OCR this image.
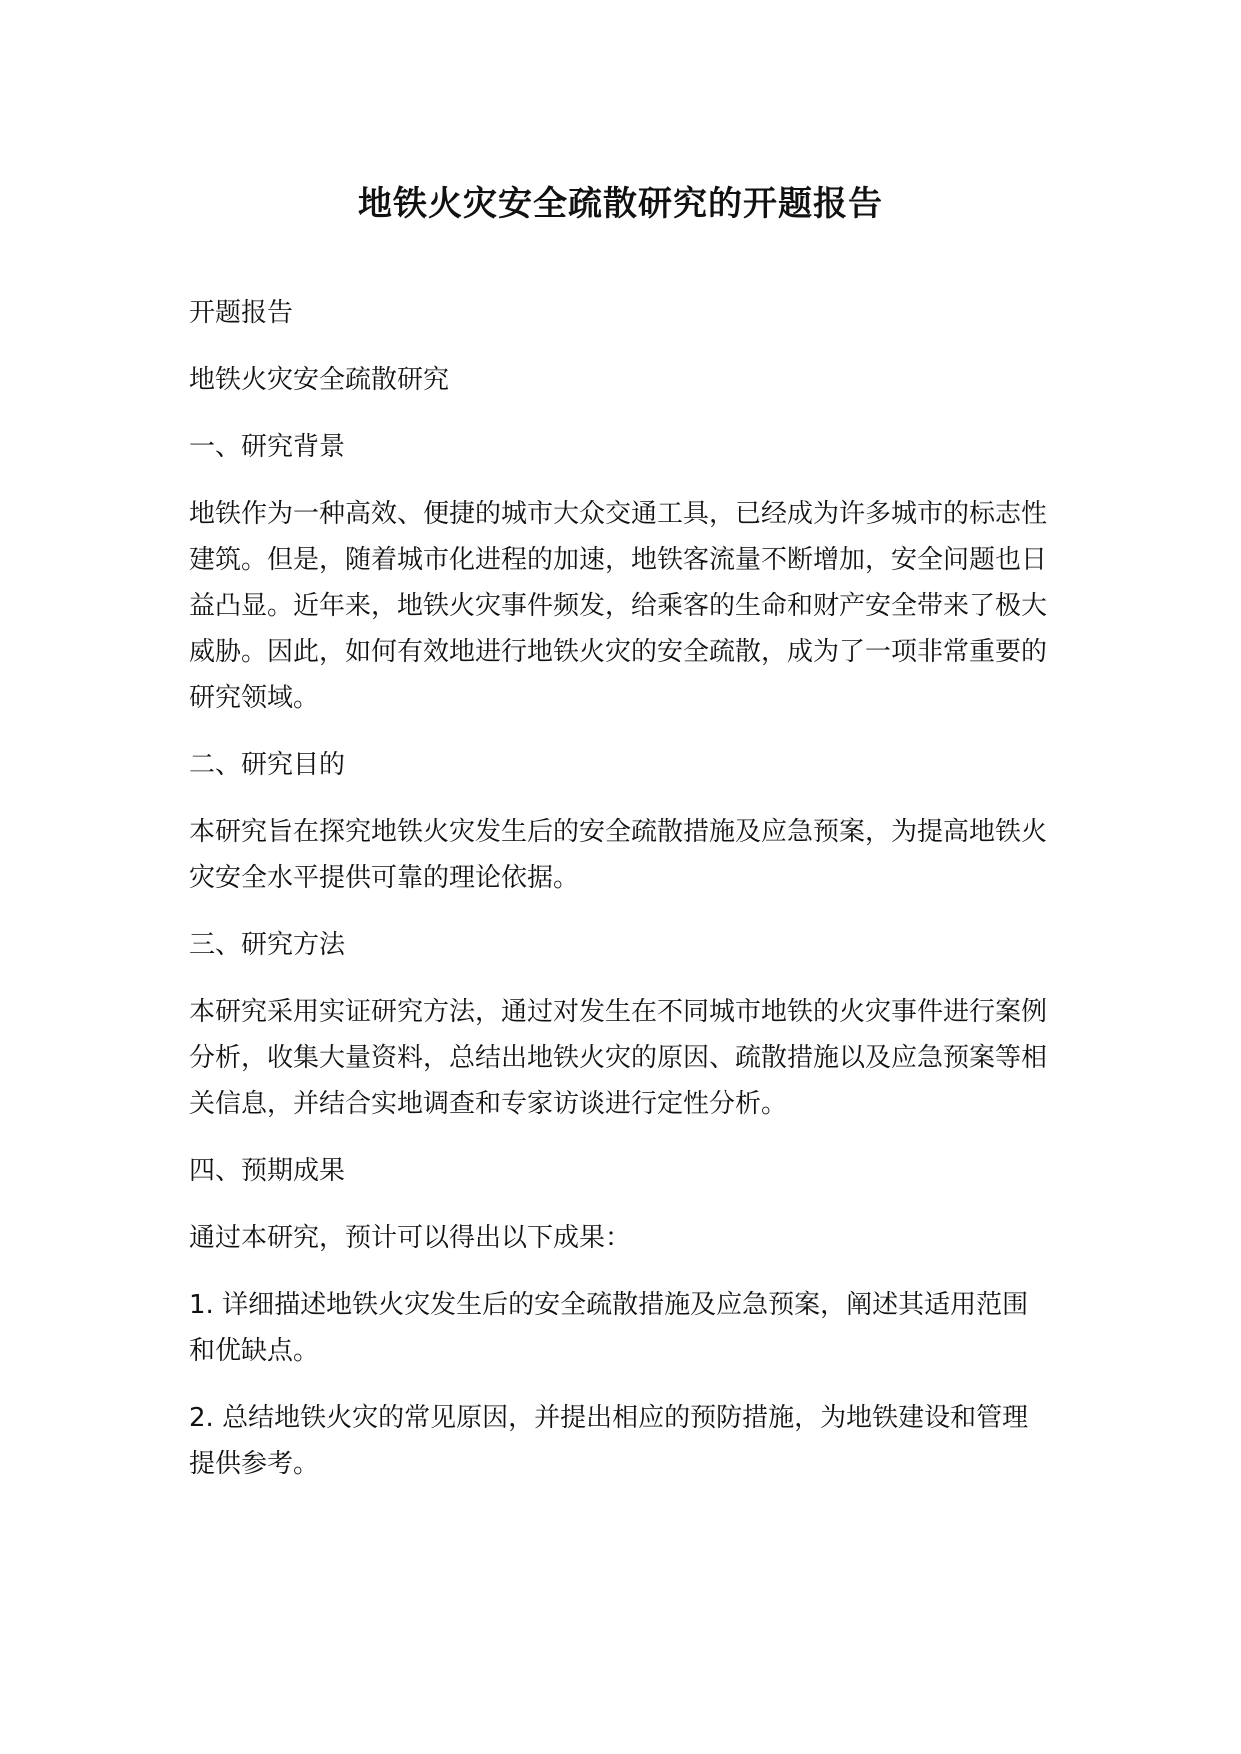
地铁火灾安全疏散研究的开题报告

开题报告

地铁火灾安全疏散研究

一、研究背景

地铁作为一种高效、便捷的城市大众交通工具，已经成为许多城市的标志性建筑。但是，随着城市化进程的加速，地铁客流量不断增加，安全问题也日益凸显。近年来，地铁火灾事件频发，给乘客的生命和财产安全带来了极大威胁。因此，如何有效地进行地铁火灾的安全疏散，成为了一项非常重要的研究领域。

二、研究目的

本研究旨在探究地铁火灾发生后的安全疏散措施及应急预案，为提高地铁火灾安全水平提供可靠的理论依据。

三、研究方法

本研究采用实证研究方法，通过对发生在不同城市地铁的火灾事件进行案例分析，收集大量资料，总结出地铁火灾的原因、疏散措施以及应急预案等相关信息，并结合实地调查和专家访谈进行定性分析。

四、预期成果

通过本研究，预计可以得出以下成果：

1. 详细描述地铁火灾发生后的安全疏散措施及应急预案，阐述其适用范围和优缺点。

2. 总结地铁火灾的常见原因，并提出相应的预防措施，为地铁建设和管理提供参考。
